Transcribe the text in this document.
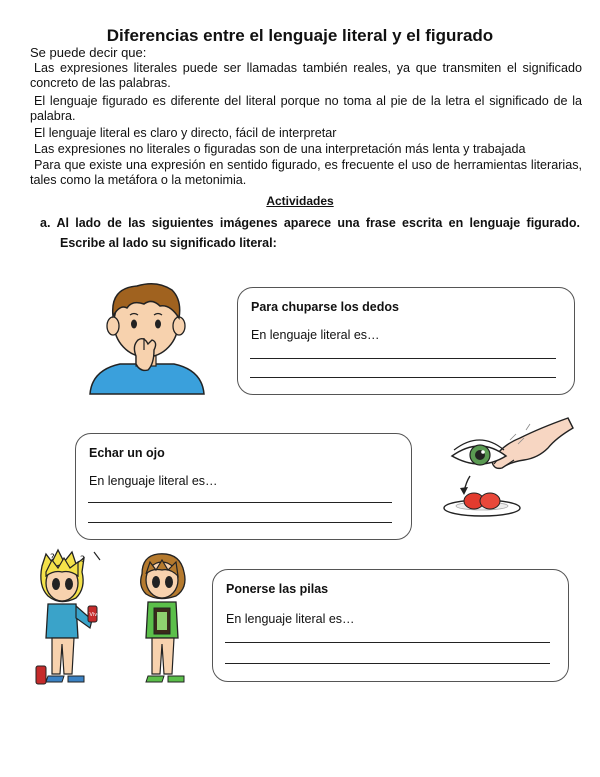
Diferencias entre el lenguaje literal y el figurado
Se puede decir que:
Las expresiones literales puede ser llamadas también reales, ya que transmiten el significado concreto de las palabras.
El lenguaje figurado es diferente del literal porque no toma al pie de la letra el significado de la palabra.
El lenguaje literal es claro y directo, fácil de interpretar
Las expresiones no literales o figuradas son de una interpretación más lenta y trabajada
Para que existe una expresión en sentido figurado, es frecuente el uso de herramientas literarias, tales como la metáfora o la metonimia.
Actividades
a. Al lado de las siguientes imágenes aparece una frase escrita en lenguaje figurado.
Escribe al lado su significado literal:
Para chuparse los dedos
En lenguaje literal es…
Echar un ojo
En lenguaje literal es…
?	?
Vivo
Ponerse las pilas
En lenguaje literal es…
